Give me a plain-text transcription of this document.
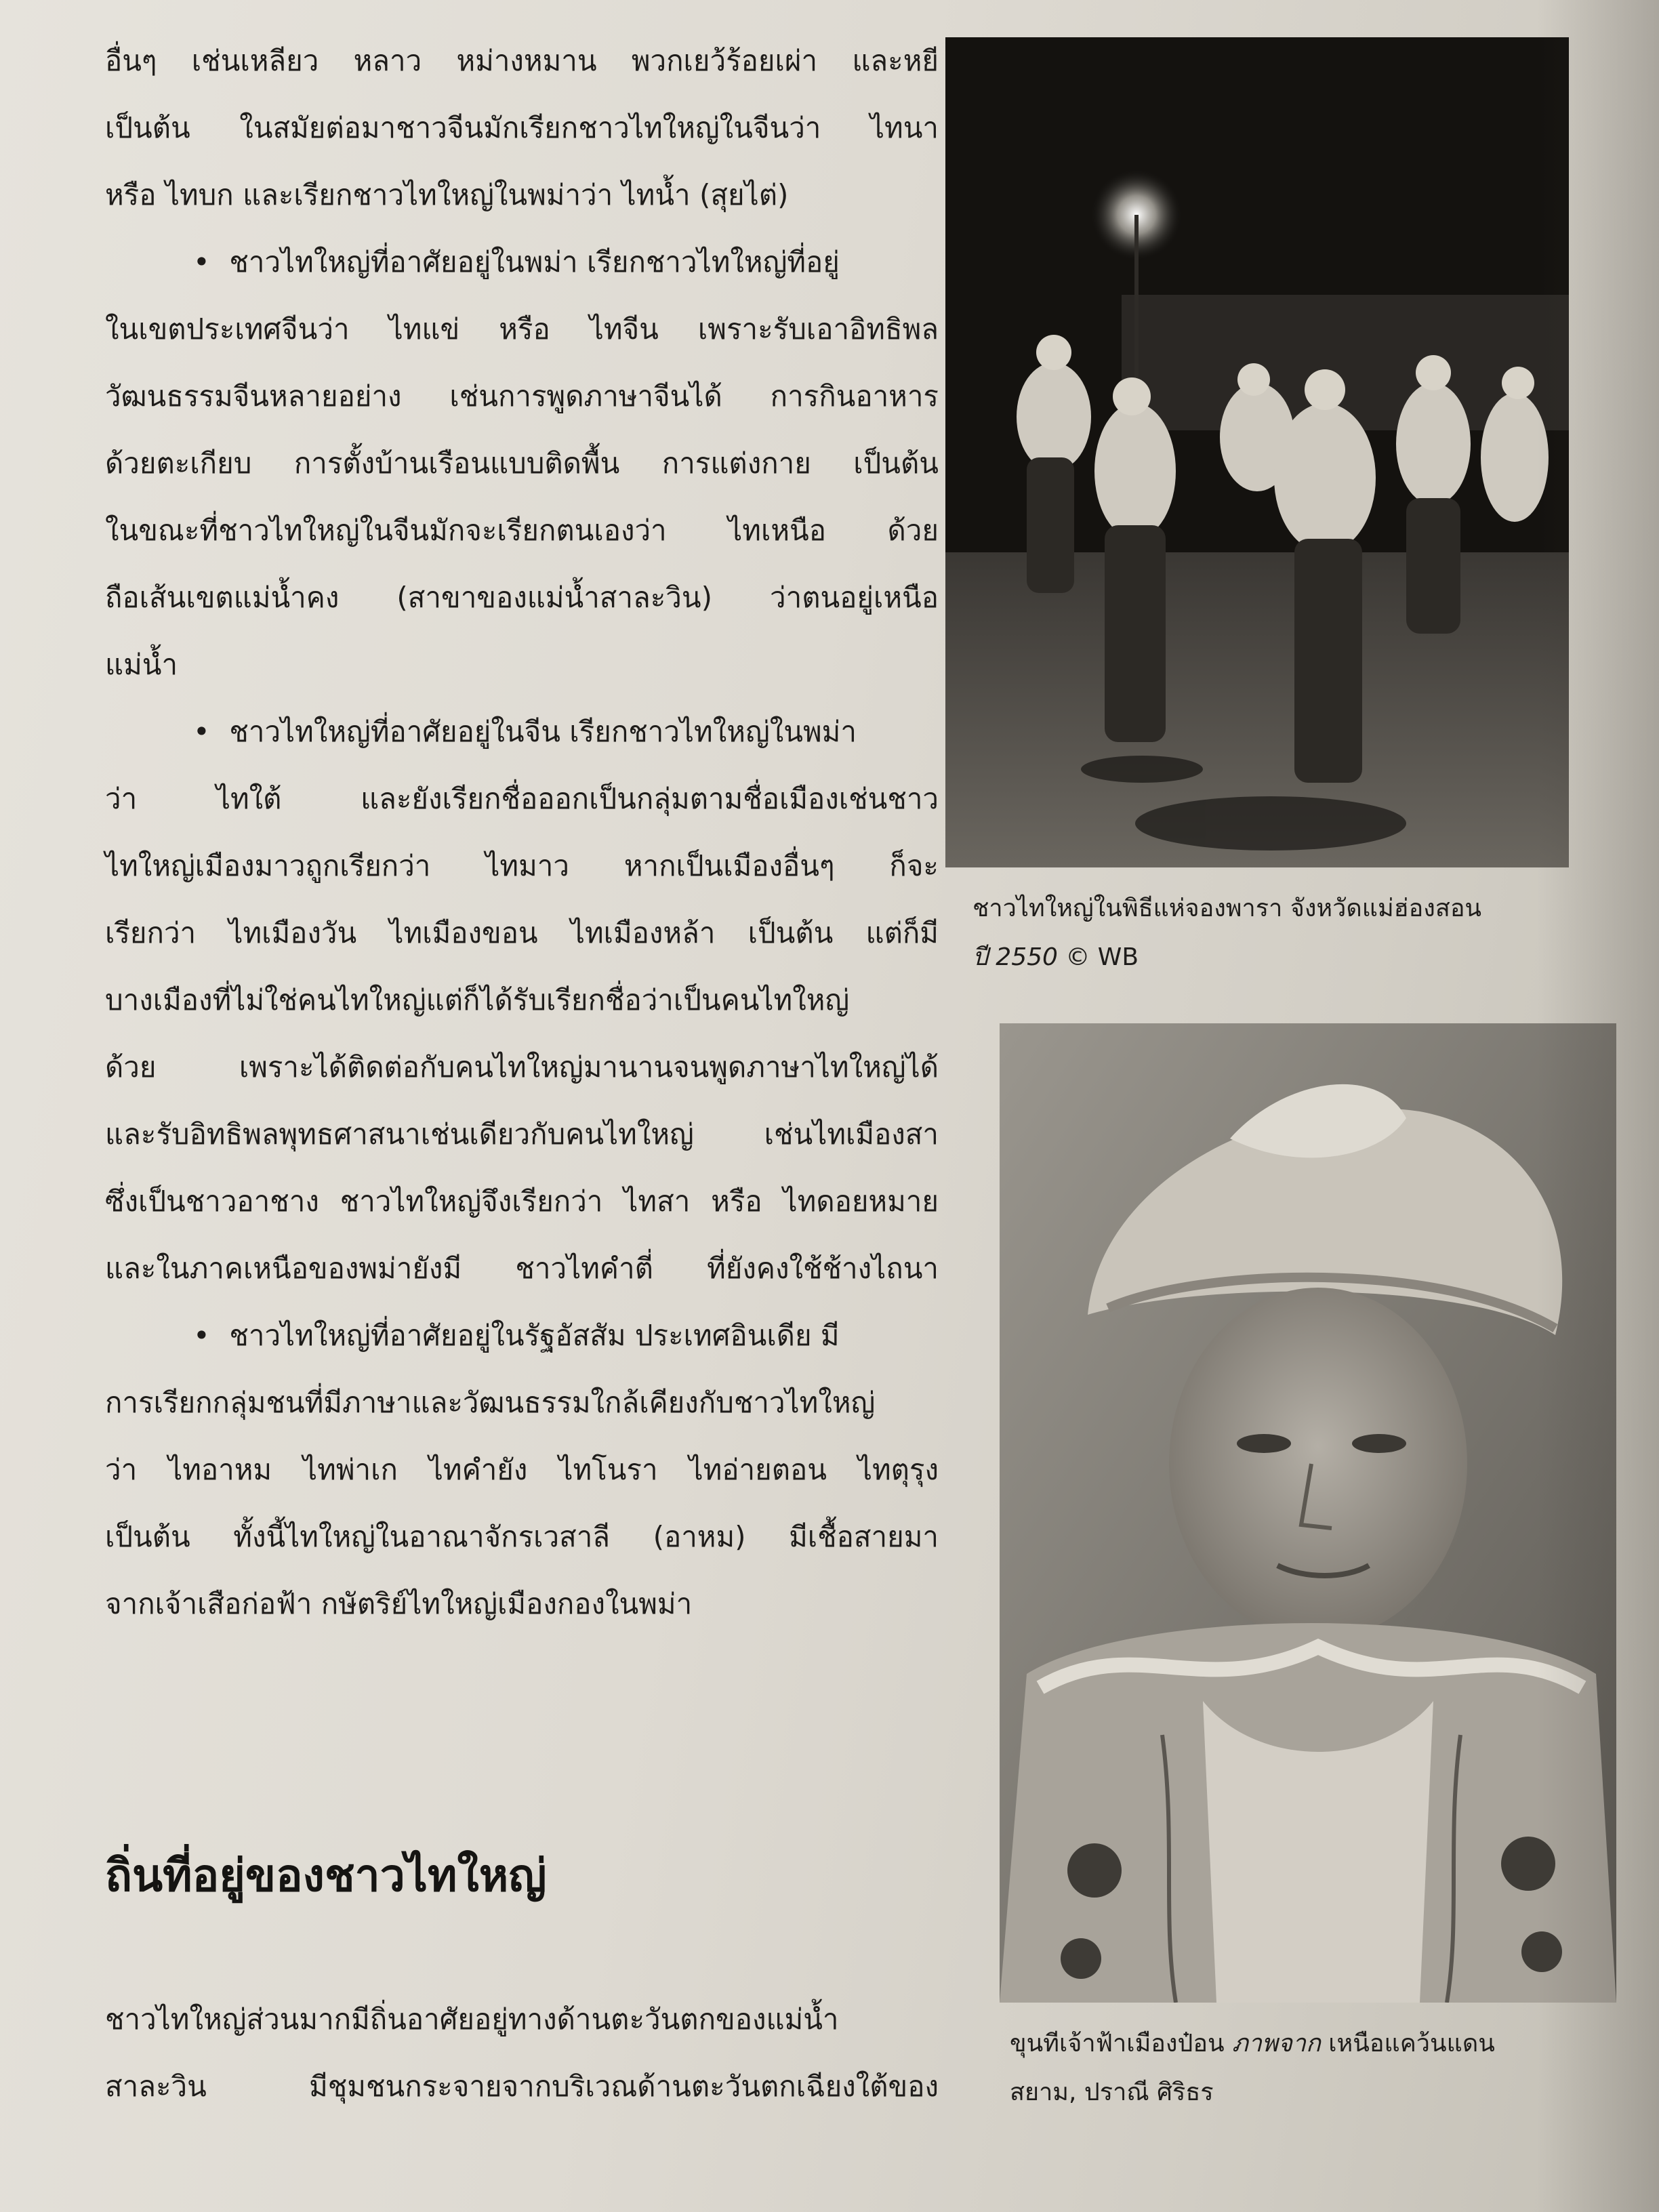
อื่นๆ เช่นเหลียว หลาว หม่างหมาน พวกเยว้ร้อยเผ่า และหยี
เป็นต้น ในสมัยต่อมาชาวจีนมักเรียกชาวไทใหญ่ในจีนว่า ไทนา
หรือ ไทบก และเรียกชาวไทใหญ่ในพม่าว่า ไทน้ำ (สุยไต่)
• ชาวไทใหญ่ที่อาศัยอยู่ในพม่า เรียกชาวไทใหญ่ที่อยู่
ในเขตประเทศจีนว่า ไทแข่ หรือ ไทจีน เพราะรับเอาอิทธิพล
วัฒนธรรมจีนหลายอย่าง เช่นการพูดภาษาจีนได้ การกินอาหาร
ด้วยตะเกียบ การตั้งบ้านเรือนแบบติดพื้น การแต่งกาย เป็นต้น
ในขณะที่ชาวไทใหญ่ในจีนมักจะเรียกตนเองว่า ไทเหนือ ด้วย
ถือเส้นเขตแม่น้ำคง (สาขาของแม่น้ำสาละวิน) ว่าตนอยู่เหนือ
แม่น้ำ
• ชาวไทใหญ่ที่อาศัยอยู่ในจีน เรียกชาวไทใหญ่ในพม่า
ว่า ไทใต้ และยังเรียกชื่อออกเป็นกลุ่มตามชื่อเมืองเช่นชาว
ไทใหญ่เมืองมาวถูกเรียกว่า ไทมาว หากเป็นเมืองอื่นๆ ก็จะ
เรียกว่า ไทเมืองวัน ไทเมืองขอน ไทเมืองหล้า เป็นต้น แต่ก็มี
บางเมืองที่ไม่ใช่คนไทใหญ่แต่ก็ได้รับเรียกชื่อว่าเป็นคนไทใหญ่
ด้วย เพราะได้ติดต่อกับคนไทใหญ่มานานจนพูดภาษาไทใหญ่ได้
และรับอิทธิพลพุทธศาสนาเช่นเดียวกับคนไทใหญ่ เช่นไทเมืองสา
ซึ่งเป็นชาวอาชาง ชาวไทใหญ่จึงเรียกว่า ไทสา หรือ ไทดอยหมาย
และในภาคเหนือของพม่ายังมี ชาวไทคำตี่ ที่ยังคงใช้ช้างไถนา
• ชาวไทใหญ่ที่อาศัยอยู่ในรัฐอัสสัม ประเทศอินเดีย มี
การเรียกกลุ่มชนที่มีภาษาและวัฒนธรรมใกล้เคียงกับชาวไทใหญ่
ว่า ไทอาหม ไทพ่าเก ไทคำยัง ไทโนรา ไทอ่ายตอน ไทตุรุง
เป็นต้น ทั้งนี้ไทใหญ่ในอาณาจักรเวสาลี (อาหม) มีเชื้อสายมา
จากเจ้าเสือก่อฟ้า กษัตริย์ไทใหญ่เมืองกองในพม่า
ถิ่นที่อยู่ของชาวไทใหญ่
ชาวไทใหญ่ส่วนมากมีถิ่นอาศัยอยู่ทางด้านตะวันตกของแม่น้ำ
สาละวิน มีชุมชนกระจายจากบริเวณด้านตะวันตกเฉียงใต้ของ
ชาวไทใหญ่ในพิธีแห่จองพารา จังหวัดแม่ฮ่องสอน
ปี 2550 © WB
ขุนทีเจ้าฟ้าเมืองป๋อน ภาพจาก เหนือแคว้นแดน
สยาม, ปราณี ศิริธร
